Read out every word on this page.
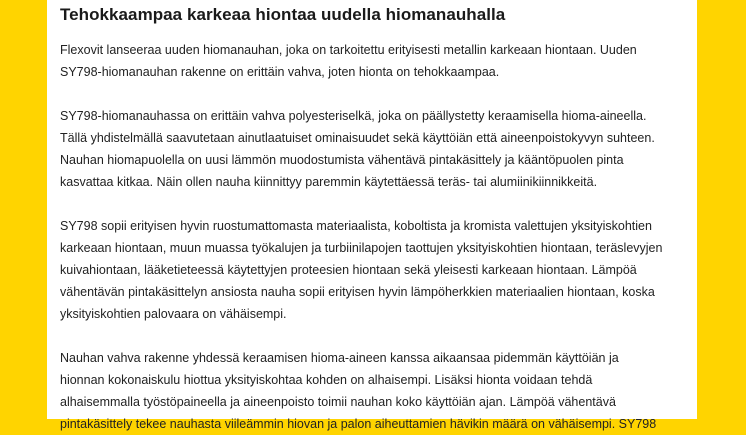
Tehokkaampaa karkeaa hiontaa uudella hiomanauhalla

Flexovit lanseeraa uuden hiomanauhan, joka on tarkoitettu erityisesti metallin karkeaan hiontaan. Uuden
SY798-hiomanauhan rakenne on erittäin vahva, joten hionta on tehokkaampaa.

SY798-hiomanauhassa on erittäin vahva polyesteriselkä, joka on päällystetty keraamisella hioma-aineella.
Tällä yhdistelmällä saavutetaan ainutlaatuiset ominaisuudet sekä käyttöiän että aineenpoistokyvyn suhteen.
Nauhan hiomapuolella on uusi lämmön muodostumista vähentävä pintakäsittely ja kääntöpuolen pinta
kasvattaa kitkaa. Näin ollen nauha kiinnittyy paremmin käytettäessä teräs- tai alumiinikiinnikkeitä.

SY798 sopii erityisen hyvin ruostumattomasta materiaalista, koboltista ja kromista valettujen yksityiskohtien
karkeaan hiontaan, muun muassa työkalujen ja turbiinilapojen taottujen yksityiskohtien hiontaan, teräslevyjen
kuivahiontaan, lääketieteessä käytettyjen proteesien hiontaan sekä yleisesti karkeaan hiontaan. Lämpöä
vähentävän pintakäsittelyn ansiosta nauha sopii erityisen hyvin lämpöherkkien materiaalien hiontaan, koska
yksityiskohtien palovaara on vähäisempi.

Nauhan vahva rakenne yhdessä keraamisen hioma-aineen kanssa aikaansaa pidemmän käyttöiän ja
hionnan kokonaiskulu hiottua yksityiskohtaa kohden on alhaisempi. Lisäksi hionta voidaan tehdä
alhaisemmalla työstöpaineella ja aineenpoisto toimii nauhan koko käyttöiän ajan. Lämpöä vähentävä
pintakäsittely tekee nauhasta viileämmin hiovan ja palon aiheuttamien hävikin määrä on vähäisempi. SY798
